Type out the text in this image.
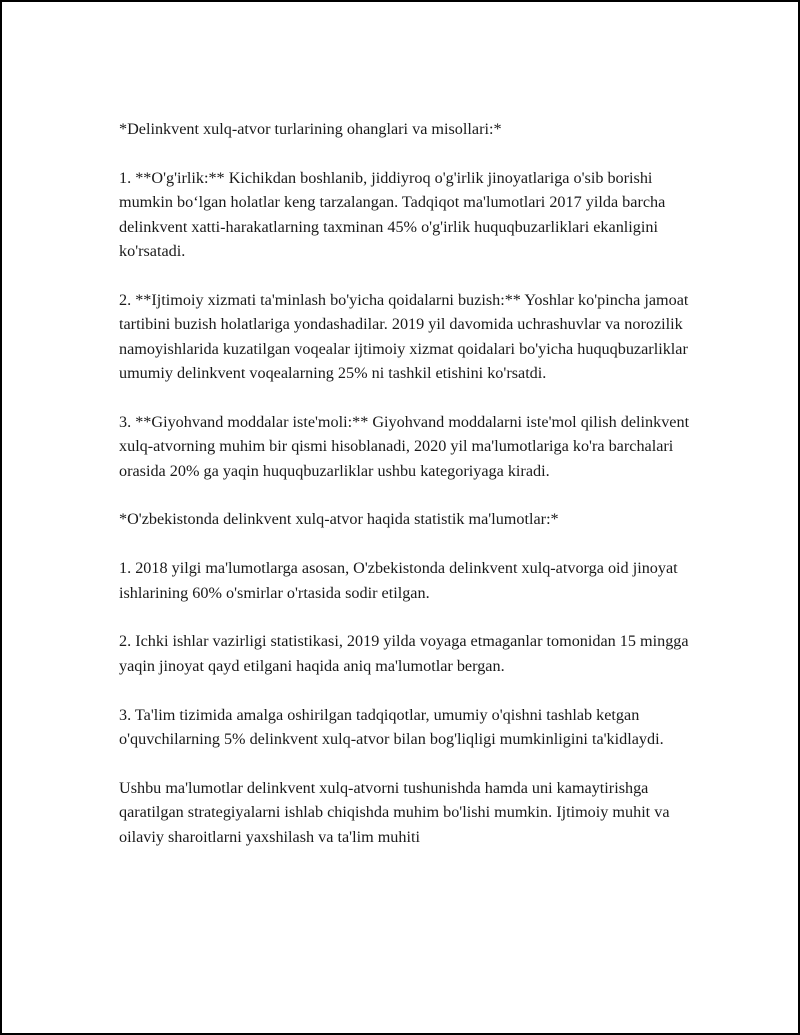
*Delinkvent xulq-atvor turlarining ohanglari va misollari:*

1. **O'g'irlik:** Kichikdan boshlanib, jiddiyroq o'g'irlik jinoyatlariga o'sib borishi mumkin bo‘lgan holatlar keng tarzalangan. Tadqiqot ma'lumotlari 2017 yilda barcha delinkvent xatti-harakatlarning taxminan 45% o'g'irlik huquqbuzarliklari ekanligini ko'rsatadi.

2. **Ijtimoiy xizmati ta'minlash bo'yicha qoidalarni buzish:** Yoshlar ko'pincha jamoat tartibini buzish holatlariga yondashadilar. 2019 yil davomida uchrashuvlar va norozilik namoyishlarida kuzatilgan voqealar ijtimoiy xizmat qoidalari bo'yicha huquqbuzarliklar umumiy delinkvent voqealarning 25% ni tashkil etishini ko'rsatdi.

3. **Giyohvand moddalar iste'moli:** Giyohvand moddalarni iste'mol qilish delinkvent xulq-atvorning muhim bir qismi hisoblanadi, 2020 yil ma'lumotlariga ko'ra barchalari orasida 20% ga yaqin huquqbuzarliklar ushbu kategoriyaga kiradi.

*O'zbekistonda delinkvent xulq-atvor haqida statistik ma'lumotlar:*

1. 2018 yilgi ma'lumotlarga asosan, O'zbekistonda delinkvent xulq-atvorga oid jinoyat ishlarining 60% o'smirlar o'rtasida sodir etilgan.

2. Ichki ishlar vazirligi statistikasi, 2019 yilda voyaga etmaganlar tomonidan 15 mingga yaqin jinoyat qayd etilgani haqida aniq ma'lumotlar bergan.

3. Ta'lim tizimida amalga oshirilgan tadqiqotlar, umumiy o'qishni tashlab ketgan o'quvchilarning 5% delinkvent xulq-atvor bilan bog'liqligi mumkinligini ta'kidlaydi.

Ushbu ma'lumotlar delinkvent xulq-atvorni tushunishda hamda uni kamaytirishga qaratilgan strategiyalarni ishlab chiqishda muhim bo'lishi mumkin. Ijtimoiy muhit va oilaviy sharoitlarni yaxshilash va ta'lim muhiti
